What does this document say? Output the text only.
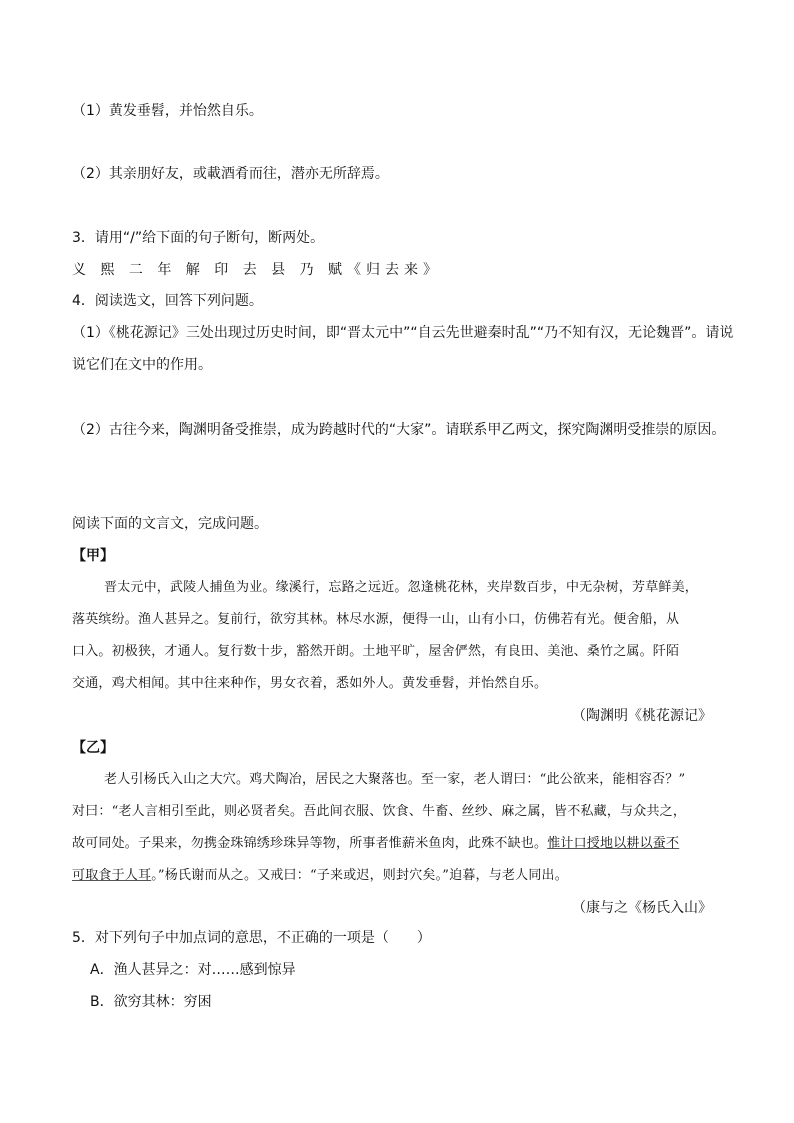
（1）黄发垂髫，并怡然自乐。
（2）其亲朋好友，或載酒肴而往，潜亦无所辞焉。
3．请用“/”给下面的句子断句，断两处。
义 熙 二 年 解 印 去 县 乃 赋《归去来》
4．阅读选文，回答下列问题。
（1）《桃花源记》三处出现过历史时间，即“晋太元中”“自云先世避秦时乱”“乃不知有汉，无论魏晋”。请说
说它们在文中的作用。
（2）古往今来，陶渊明备受推崇，成为跨越时代的“大家”。请联系甲乙两文，探究陶渊明受推崇的原因。
阅读下面的文言文，完成问题。
【甲】
晋太元中，武陵人捕鱼为业。缘溪行，忘路之远近。忽逢桃花林，夹岸数百步，中无杂树，芳草鲜美，
落英缤纷。渔人甚异之。复前行，欲穷其林。林尽水源，便得一山，山有小口，仿佛若有光。便舍船，从
口入。初极狭，才通人。复行数十步，豁然开朗。土地平旷，屋舍俨然，有良田、美池、桑竹之属。阡陌
交通，鸡犬相闻。其中往来种作，男女衣着，悉如外人。黄发垂髫，并怡然自乐。
（陶渊明《桃花源记》
【乙】
老人引杨氏入山之大穴。鸡犬陶冶，居民之大聚落也。至一家，老人谓曰：“此公欲来，能相容否？”
对曰：“老人言相引至此，则必贤者矣。吾此间衣服、饮食、牛畜、丝纱、麻之属，皆不私藏，与众共之，
故可同处。子果来，勿携金珠锦绣珍珠异等物，所事者惟薪米鱼肉，此殊不缺也。惟计口授地以耕以蚕不
可取食于人耳。”杨氏谢而从之。又戒曰：“子来或迟，则封穴矣。”迫暮，与老人同出。
（康与之《杨氏入山》
5．对下列句子中加点词的意思，不正确的一项是（　　）
A．渔人甚异之：对……感到惊异
B．欲穷其林：穷困
